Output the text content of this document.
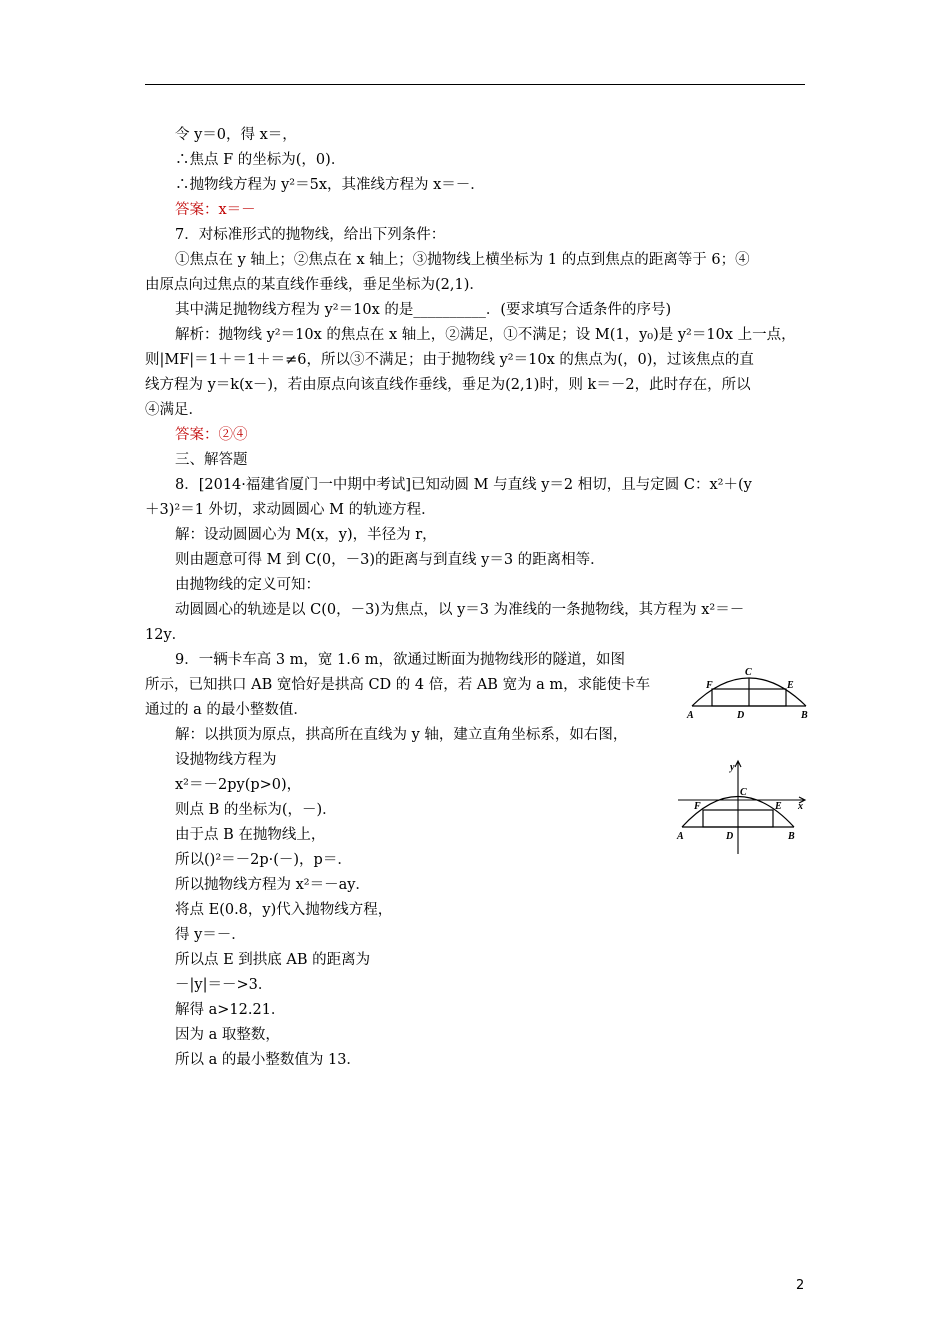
令 y＝0，得 x＝，
∴焦点 F 的坐标为(，0)．
∴抛物线方程为 y²＝5x，其准线方程为 x＝－．
答案：x＝－
7．对标准形式的抛物线，给出下列条件：
①焦点在 y 轴上；②焦点在 x 轴上；③抛物线上横坐标为 1 的点到焦点的距离等于 6；④
由原点向过焦点的某直线作垂线，垂足坐标为(2,1)．
其中满足抛物线方程为 y²＝10x 的是__________．(要求填写合适条件的序号)
解析：抛物线 y²＝10x 的焦点在 x 轴上，②满足，①不满足；设 M(1，y₀)是 y²＝10x 上一点，
则|MF|＝1＋＝1＋＝≠6，所以③不满足；由于抛物线 y²＝10x 的焦点为(，0)，过该焦点的直
线方程为 y＝k(x－)，若由原点向该直线作垂线，垂足为(2,1)时，则 k＝－2，此时存在，所以
④满足．
答案：②④
三、解答题
8．[2014·福建省厦门一中期中考试]已知动圆 M 与直线 y＝2 相切，且与定圆 C：x²＋(y
＋3)²＝1 外切，求动圆圆心 M 的轨迹方程．
解：设动圆圆心为 M(x，y)，半径为 r，
则由题意可得 M 到 C(0，－3)的距离与到直线 y＝3 的距离相等．
由抛物线的定义可知：
动圆圆心的轨迹是以 C(0，－3)为焦点，以 y＝3 为准线的一条抛物线，其方程为 x²＝－
12y．
9．一辆卡车高 3 m，宽 1.6 m，欲通过断面为抛物线形的隧道，如图
所示，已知拱口 AB 宽恰好是拱高 CD 的 4 倍，若 AB 宽为 a m，求能使卡车
通过的 a 的最小整数值．
解：以拱顶为原点，拱高所在直线为 y 轴，建立直角坐标系，如右图，
设抛物线方程为
x²＝－2py(p>0)，
则点 B 的坐标为(，－)．
由于点 B 在抛物线上，
所以()²＝－2p·(－)，p＝．
所以抛物线方程为 x²＝－ay．
将点 E(0.8，y)代入抛物线方程，
得 y＝－．
所以点 E 到拱底 AB 的距离为
－|y|＝－>3．
解得 a>12.21．
因为 a 取整数，
所以 a 的最小整数值为 13．
C
F	E
A	D	B
y
x
C
F	E
A	D	B
2
